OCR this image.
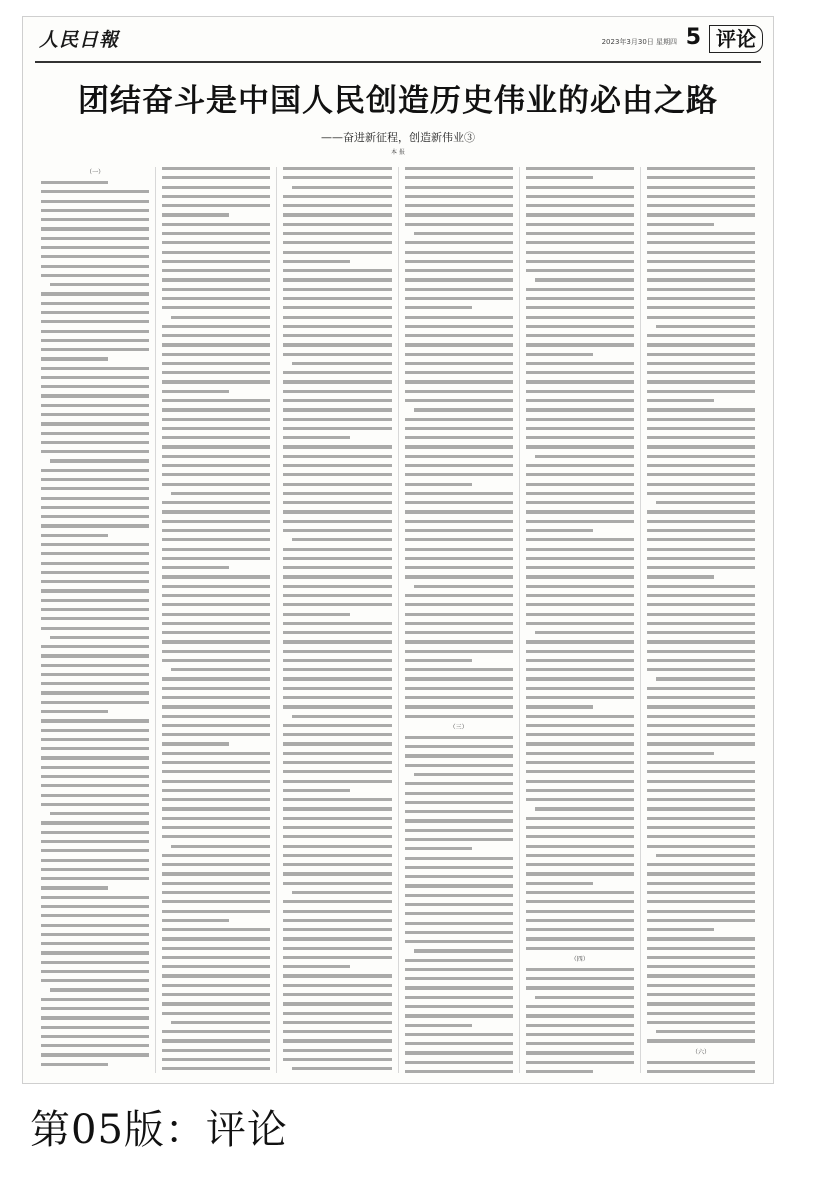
人民日報	2023年3月30日 星期四 5 评论
团结奋斗是中国人民创造历史伟业的必由之路
——奋进新征程，创造新伟业③
本 报
（一）
（三）
（四）
（六）
第05版：评论
